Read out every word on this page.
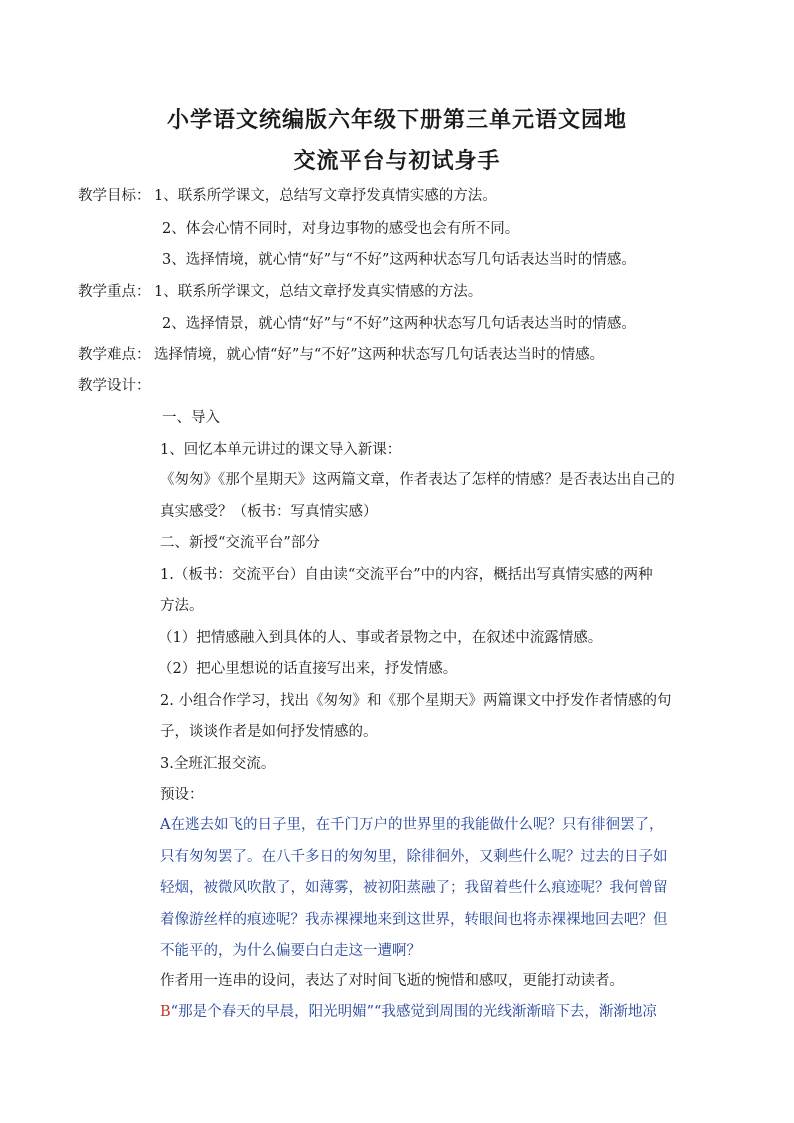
小学语文统编版六年级下册第三单元语文园地
交流平台与初试身手
教学目标： 1、联系所学课文，总结写文章抒发真情实感的方法。
2、体会心情不同时，对身边事物的感受也会有所不同。
3、选择情境，就心情“好”与“不好”这两种状态写几句话表达当时的情感。
教学重点： 1、联系所学课文，总结文章抒发真实情感的方法。
2、选择情景，就心情“好”与“不好”这两种状态写几句话表达当时的情感。
教学难点： 选择情境，就心情“好”与“不好”这两种状态写几句话表达当时的情感。
教学设计：
一、导入
1、回忆本单元讲过的课文导入新课：
《匆匆》《那个星期天》这两篇文章，作者表达了怎样的情感？是否表达出自己的
真实感受？（板书：写真情实感）
二、新授“交流平台”部分
1.（板书：交流平台）自由读“交流平台”中的内容，概括出写真情实感的两种
方法。
（1）把情感融入到具体的人、事或者景物之中，在叙述中流露情感。
（2）把心里想说的话直接写出来，抒发情感。
2. 小组合作学习，找出《匆匆》和《那个星期天》两篇课文中抒发作者情感的句
子，谈谈作者是如何抒发情感的。
3.全班汇报交流。
预设：
A在逃去如飞的日子里，在千门万户的世界里的我能做什么呢？只有徘徊罢了，
只有匆匆罢了。在八千多日的匆匆里，除徘徊外，又剩些什么呢？过去的日子如
轻烟，被微风吹散了，如薄雾，被初阳蒸融了；我留着些什么痕迹呢？我何曾留
着像游丝样的痕迹呢？我赤裸裸地来到这世界，转眼间也将赤裸裸地回去吧？但
不能平的，为什么偏要白白走这一遭啊？
作者用一连串的设问，表达了对时间飞逝的惋惜和感叹，更能打动读者。
B“那是个春天的早晨，阳光明媚”“我感觉到周围的光线渐渐暗下去，渐渐地凉
